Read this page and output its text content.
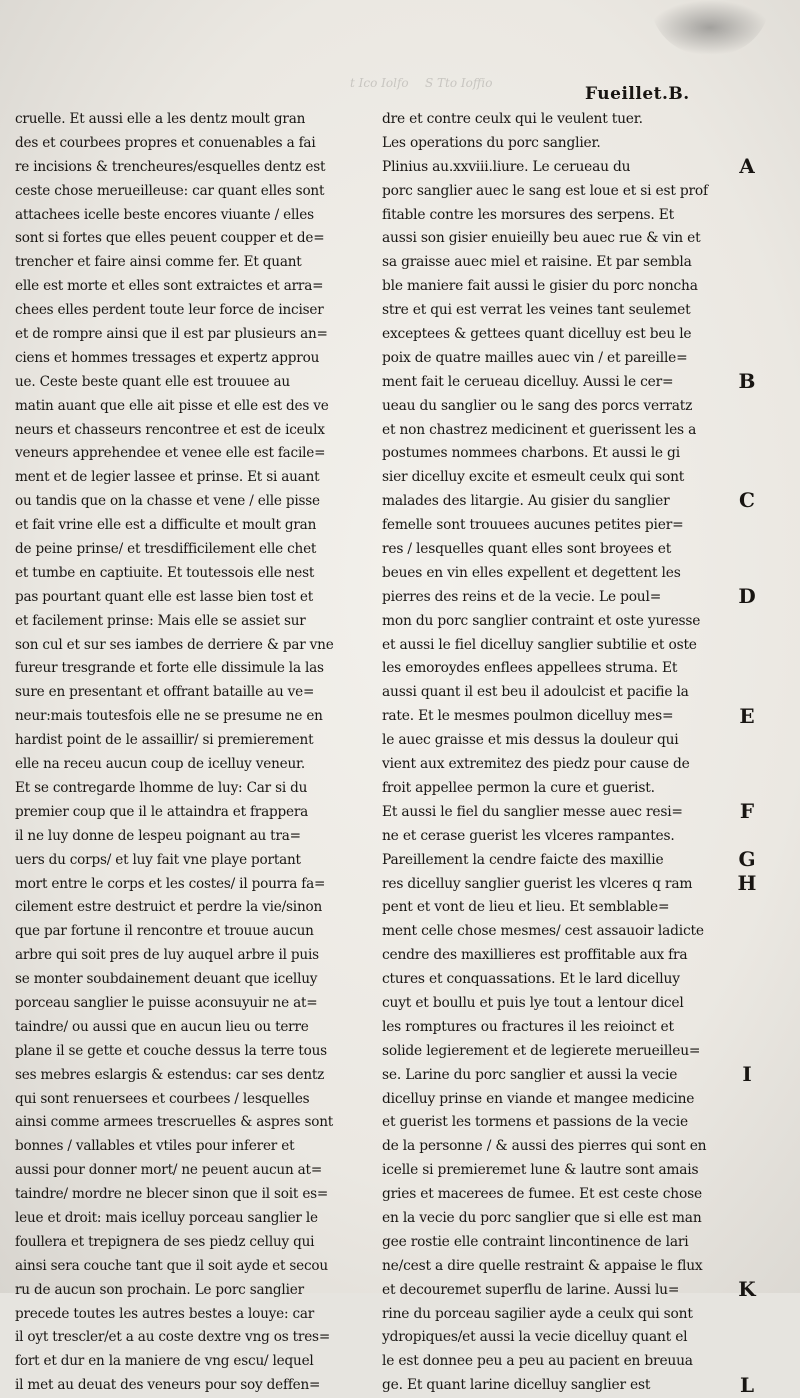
t Ico Iolfo S Tto Ioffio
Fueillet.B.
cruelle. Et aussi elle a les dentz moult gran
des et courbees propres et conuenables a fai
re incisions & trencheures/esquelles dentz est
ceste chose merueilleuse: car quant elles sont
attachees icelle beste encores viuante / elles
sont si fortes que elles peuent coupper et de=
trencher et faire ainsi comme fer. Et quant
elle est morte et elles sont extraictes et arra=
chees elles perdent toute leur force de inciser
et de rompre ainsi que il est par plusieurs an=
ciens et hommes tressages et expertz approu
ue. Ceste beste quant elle est trouuee au
matin auant que elle ait pisse et elle est des ve
neurs et chasseurs rencontree et est de iceulx
veneurs apprehendee et venee elle est facile=
ment et de legier lassee et prinse. Et si auant
ou tandis que on la chasse et vene / elle pisse
et fait vrine elle est a difficulte et moult gran
de peine prinse/ et tresdifficilement elle chet
et tumbe en captiuite. Et toutessois elle nest
pas pourtant quant elle est lasse bien tost et
et facilement prinse: Mais elle se assiet sur
son cul et sur ses iambes de derriere & par vne
fureur tresgrande et forte elle dissimule la las
sure en presentant et offrant bataille au ve=
neur:mais toutesfois elle ne se presume ne en
hardist point de le assaillir/ si premierement
elle na receu aucun coup de icelluy veneur.
Et se contregarde lhomme de luy: Car si du
premier coup que il le attaindra et frappera
il ne luy donne de lespeu poignant au tra=
uers du corps/ et luy fait vne playe portant
mort entre le corps et les costes/ il pourra fa=
cilement estre destruict et perdre la vie/sinon
que par fortune il rencontre et trouue aucun
arbre qui soit pres de luy auquel arbre il puis
se monter soubdainement deuant que icelluy
porceau sanglier le puisse aconsuyuir ne at=
taindre/ ou aussi que en aucun lieu ou terre
plane il se gette et couche dessus la terre tous
ses mebres eslargis & estendus: car ses dentz
qui sont renuersees et courbees / lesquelles
ainsi comme armees trescruelles & aspres sont
bonnes / vallables et vtiles pour inferer et
aussi pour donner mort/ ne peuent aucun at=
taindre/ mordre ne blecer sinon que il soit es=
leue et droit: mais icelluy porceau sanglier le
foullera et trepignera de ses piedz celluy qui
ainsi sera couche tant que il soit ayde et secou
ru de aucun son prochain. Le porc sanglier
precede toutes les autres bestes a louye: car
il oyt trescler/et a au coste dextre vng os tres=
fort et dur en la maniere de vng escu/ lequel
il met au deuat des veneurs pour soy deffen=
dre et contre ceulx qui le veulent tuer.
Les operations du porc sanglier.
Plinius au.xxviii.liure. Le cerueau du
porc sanglier auec le sang est loue et si est prof
fitable contre les morsures des serpens. Et
aussi son gisier enuieilly beu auec rue & vin et
sa graisse auec miel et raisine. Et par sembla
ble maniere fait aussi le gisier du porc noncha
stre et qui est verrat les veines tant seulemet
exceptees & gettees quant dicelluy est beu le
poix de quatre mailles auec vin / et pareille=
ment fait le cerueau dicelluy. Aussi le cer=
ueau du sanglier ou le sang des porcs verratz
et non chastrez medicinent et guerissent les a
postumes nommees charbons. Et aussi le gi
sier dicelluy excite et esmeult ceulx qui sont
malades des litargie. Au gisier du sanglier
femelle sont trouuees aucunes petites pier=
res / lesquelles quant elles sont broyees et
beues en vin elles expellent et degettent les
pierres des reins et de la vecie. Le poul=
mon du porc sanglier contraint et oste yuresse
et aussi le fiel dicelluy sanglier subtilie et oste
les emoroydes enflees appellees struma. Et
aussi quant il est beu il adoulcist et pacifie la
rate. Et le mesmes poulmon dicelluy mes=
le auec graisse et mis dessus la douleur qui
vient aux extremitez des piedz pour cause de
froit appellee permon la cure et guerist.
Et aussi le fiel du sanglier messe auec resi=
ne et cerase guerist les vlceres rampantes.
Pareillement la cendre faicte des maxillie
res dicelluy sanglier guerist les vlceres q ram
pent et vont de lieu et lieu. Et semblable=
ment celle chose mesmes/ cest assauoir ladicte
cendre des maxillieres est proffitable aux fra
ctures et conquassations. Et le lard dicelluy
cuyt et boullu et puis lye tout a lentour dicel
les romptures ou fractures il les reioinct et
solide legierement et de legierete merueilleu=
se. Larine du porc sanglier et aussi la vecie
dicelluy prinse en viande et mangee medicine
et guerist les tormens et passions de la vecie
de la personne / & aussi des pierres qui sont en
icelle si premieremet lune & lautre sont amais
gries et macerees de fumee. Et est ceste chose
en la vecie du porc sanglier que si elle est man
gee rostie elle contraint lincontinence de lari
ne/cest a dire quelle restraint & appaise le flux
et decouremet superflu de larine. Aussi lu=
rine du porceau sagilier ayde a ceulx qui sont
ydropiques/et aussi la vecie dicelluy quant el
le est donnee peu a peu au pacient en breuua
ge. Et quant larine dicelluy sanglier est
A
B
C
D
E
F
G
H
I
K
L
